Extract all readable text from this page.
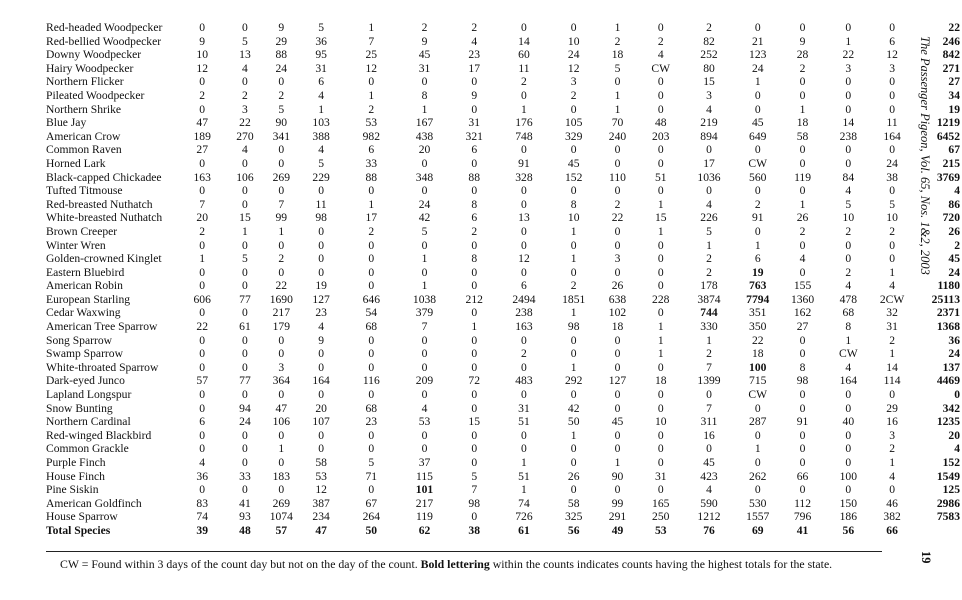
Red-headed Woodpecker	0	0	9	5	1	2	2	0	0	1	0	2	0	0	0	0	22
Red-bellied Woodpecker	9	5	29	36	7	9	4	14	10	2	2	82	21	9	1	6	246
Downy Woodpecker	10	13	88	95	25	45	23	60	24	18	4	252	123	28	22	12	842
Hairy Woodpecker	12	4	24	31	12	31	17	11	12	5	CW	80	24	2	3	3	271
Northern Flicker	0	0	0	6	0	0	0	2	3	0	0	15	1	0	0	0	27
Pileated Woodpecker	2	2	2	4	1	8	9	0	2	1	0	3	0	0	0	0	34
Northern Shrike	0	3	5	1	2	1	0	1	0	1	0	4	0	1	0	0	19
Blue Jay	47	22	90	103	53	167	31	176	105	70	48	219	45	18	14	11	1219
American Crow	189	270	341	388	982	438	321	748	329	240	203	894	649	58	238	164	6452
Common Raven	27	4	0	4	6	20	6	0	0	0	0	0	0	0	0	0	67
Horned Lark	0	0	0	5	33	0	0	91	45	0	0	17	CW	0	0	24	215
Black-capped Chickadee	163	106	269	229	88	348	88	328	152	110	51	1036	560	119	84	38	3769
Tufted Titmouse	0	0	0	0	0	0	0	0	0	0	0	0	0	0	4	0	4
Red-breasted Nuthatch	7	0	7	11	1	24	8	0	8	2	1	4	2	1	5	5	86
White-breasted Nuthatch	20	15	99	98	17	42	6	13	10	22	15	226	91	26	10	10	720
Brown Creeper	2	1	1	0	2	5	2	0	1	0	1	5	0	2	2	2	26
Winter Wren	0	0	0	0	0	0	0	0	0	0	0	1	1	0	0	0	2
Golden-crowned Kinglet	1	5	2	0	0	1	8	12	1	3	0	2	6	4	0	0	45
Eastern Bluebird	0	0	0	0	0	0	0	0	0	0	0	2	19	0	2	1	24
American Robin	0	0	22	19	0	1	0	6	2	26	0	178	763	155	4	4	1180
European Starling	606	77	1690	127	646	1038	212	2494	1851	638	228	3874	7794	1360	478	2CW	25113
Cedar Waxwing	0	0	217	23	54	379	0	238	1	102	0	744	351	162	68	32	2371
American Tree Sparrow	22	61	179	4	68	7	1	163	98	18	1	330	350	27	8	31	1368
Song Sparrow	0	0	0	9	0	0	0	0	0	0	1	1	22	0	1	2	36
Swamp Sparrow	0	0	0	0	0	0	0	2	0	0	1	2	18	0	CW	1	24
White-throated Sparrow	0	0	3	0	0	0	0	0	1	0	0	7	100	8	4	14	137
Dark-eyed Junco	57	77	364	164	116	209	72	483	292	127	18	1399	715	98	164	114	4469
Lapland Longspur	0	0	0	0	0	0	0	0	0	0	0	0	CW	0	0	0	0
Snow Bunting	0	94	47	20	68	4	0	31	42	0	0	7	0	0	0	29	342
Northern Cardinal	6	24	106	107	23	53	15	51	50	45	10	311	287	91	40	16	1235
Red-winged Blackbird	0	0	0	0	0	0	0	0	1	0	0	16	0	0	0	3	20
Common Grackle	0	0	1	0	0	0	0	0	0	0	0	0	1	0	0	2	4
Purple Finch	4	0	0	58	5	37	0	1	0	1	0	45	0	0	0	1	152
House Finch	36	33	183	53	71	115	5	51	26	90	31	423	262	66	100	4	1549
Pine Siskin	0	0	0	12	0	101	7	1	0	0	0	4	0	0	0	0	125
American Goldfinch	83	41	269	387	67	217	98	74	58	99	165	590	530	112	150	46	2986
House Sparrow	74	93	1074	234	264	119	0	726	325	291	250	1212	1557	796	186	382	7583
Total Species	39	48	57	47	50	62	38	61	56	49	53	76	69	41	56	66	

CW = Found within 3 days of the count day but not on the day of the count. Bold lettering within the counts indicates counts having the highest totals for the state.

The Passenger Pigeon, Vol. 65, Nos. 1&2, 2003
19
